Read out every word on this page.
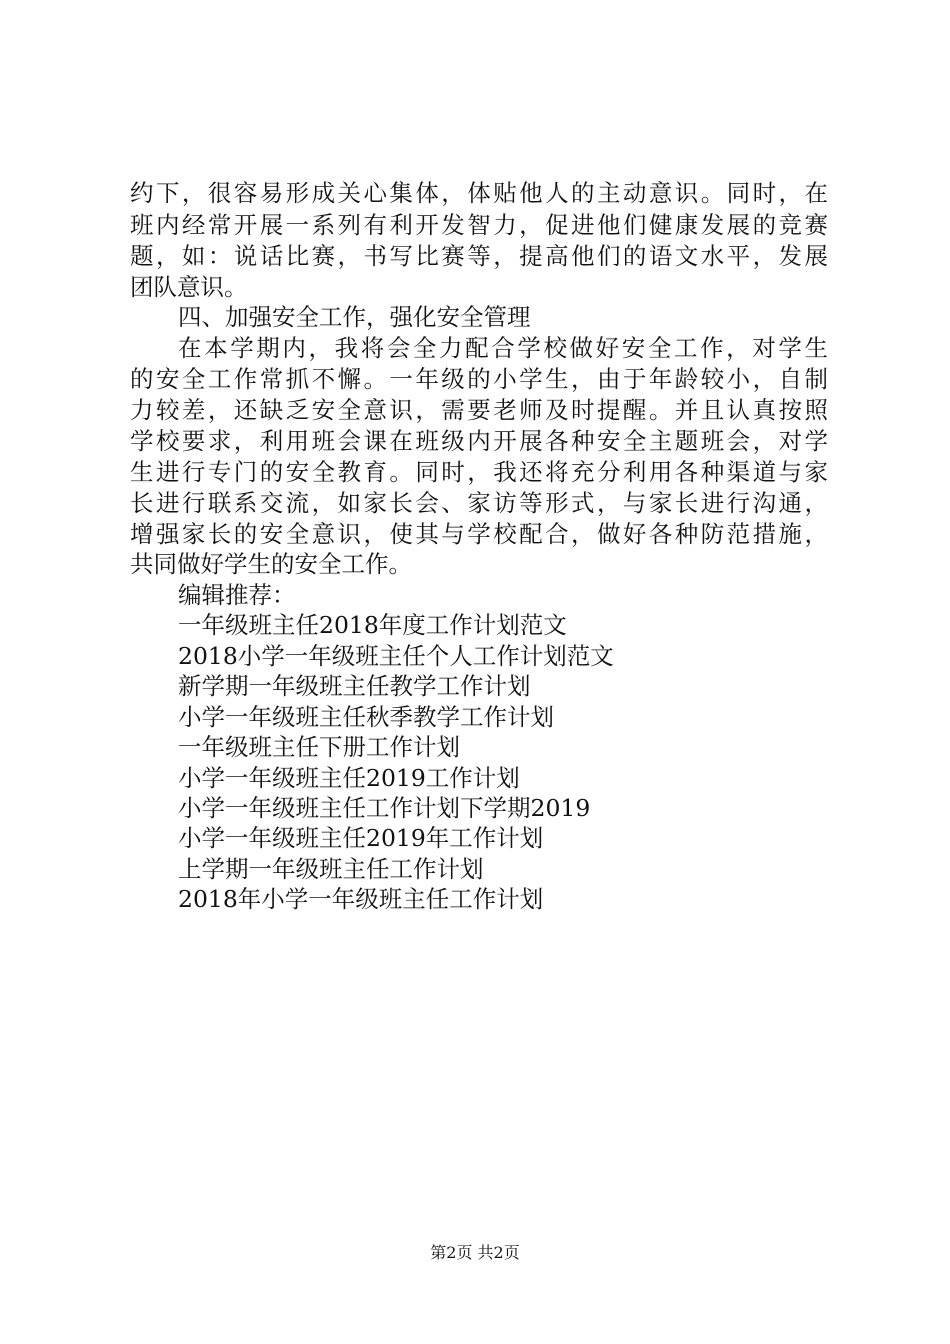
约下，很容易形成关心集体，体贴他人的主动意识。同时，在
班内经常开展一系列有利开发智力，促进他们健康发展的竞赛
题，如：说话比赛，书写比赛等，提高他们的语文水平，发展
团队意识。
四、加强安全工作，强化安全管理
在本学期内，我将会全力配合学校做好安全工作，对学生
的安全工作常抓不懈。一年级的小学生，由于年龄较小，自制
力较差，还缺乏安全意识，需要老师及时提醒。并且认真按照
学校要求，利用班会课在班级内开展各种安全主题班会，对学
生进行专门的安全教育。同时，我还将充分利用各种渠道与家
长进行联系交流，如家长会、家访等形式，与家长进行沟通，
增强家长的安全意识，使其与学校配合，做好各种防范措施，
共同做好学生的安全工作。
编辑推荐：
一年级班主任2018年度工作计划范文
2018小学一年级班主任个人工作计划范文
新学期一年级班主任教学工作计划
小学一年级班主任秋季教学工作计划
一年级班主任下册工作计划
小学一年级班主任2019工作计划
小学一年级班主任工作计划下学期2019
小学一年级班主任2019年工作计划
上学期一年级班主任工作计划
2018年小学一年级班主任工作计划
第2页 共2页
